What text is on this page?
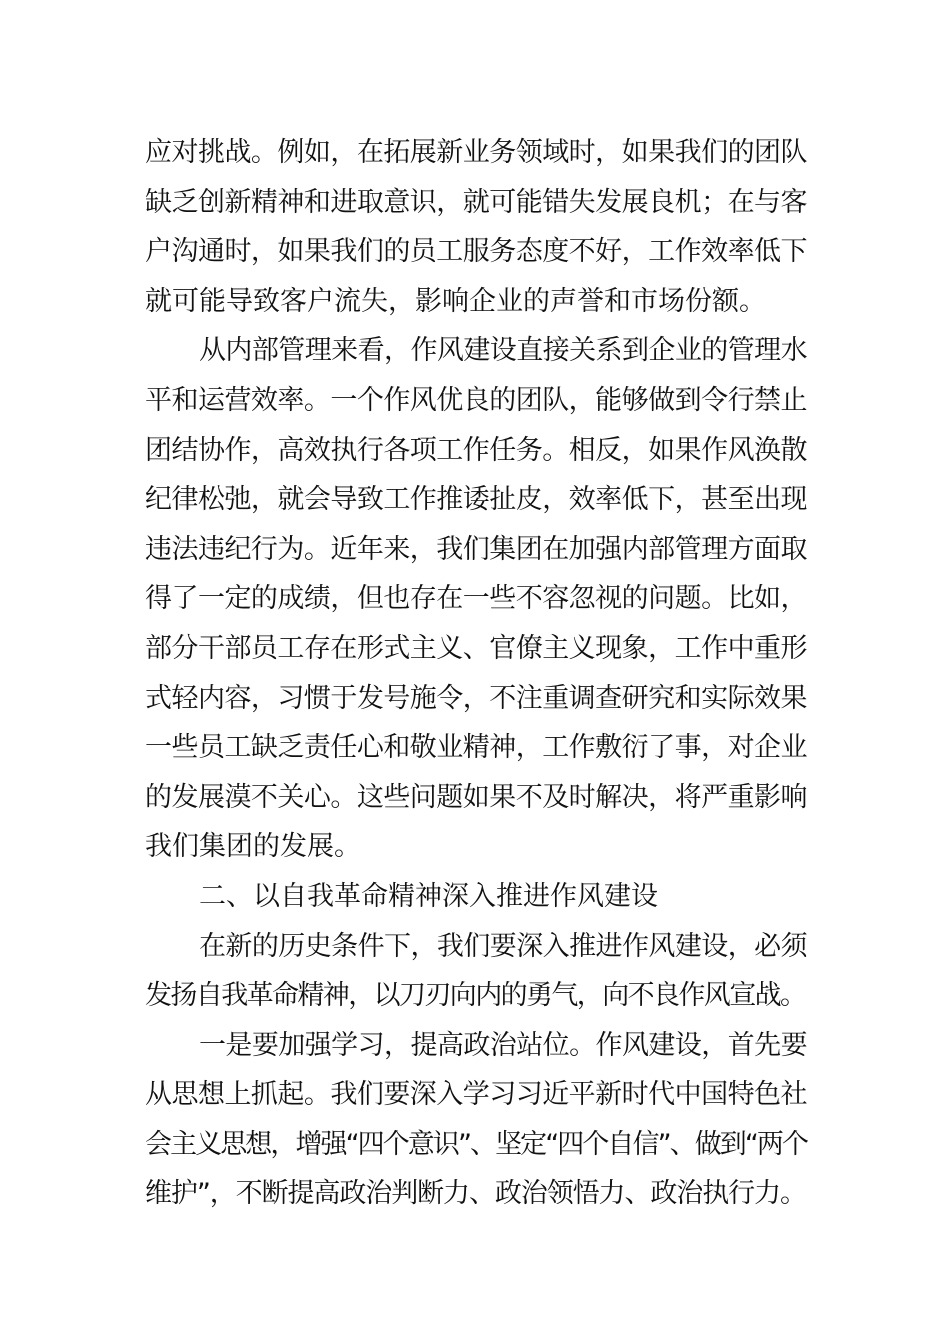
应对挑战。例如，在拓展新业务领域时，如果我们的团队
缺乏创新精神和进取意识，就可能错失发展良机；在与客
户沟通时，如果我们的员工服务态度不好，工作效率低下
就可能导致客户流失，影响企业的声誉和市场份额。
从内部管理来看，作风建设直接关系到企业的管理水
平和运营效率。一个作风优良的团队，能够做到令行禁止
团结协作，高效执行各项工作任务。相反，如果作风涣散
纪律松弛，就会导致工作推诿扯皮，效率低下，甚至出现
违法违纪行为。近年来，我们集团在加强内部管理方面取
得了一定的成绩，但也存在一些不容忽视的问题。比如，
部分干部员工存在形式主义、官僚主义现象，工作中重形
式轻内容，习惯于发号施令，不注重调查研究和实际效果
一些员工缺乏责任心和敬业精神，工作敷衍了事，对企业
的发展漠不关心。这些问题如果不及时解决，将严重影响
我们集团的发展。
二、以自我革命精神深入推进作风建设
在新的历史条件下，我们要深入推进作风建设，必须
发扬自我革命精神，以刀刃向内的勇气，向不良作风宣战。
一是要加强学习，提高政治站位。作风建设，首先要
从思想上抓起。我们要深入学习习近平新时代中国特色社
会主义思想，增强“四个意识”、坚定“四个自信”、做到“两个
维护”，不断提高政治判断力、政治领悟力、政治执行力。
